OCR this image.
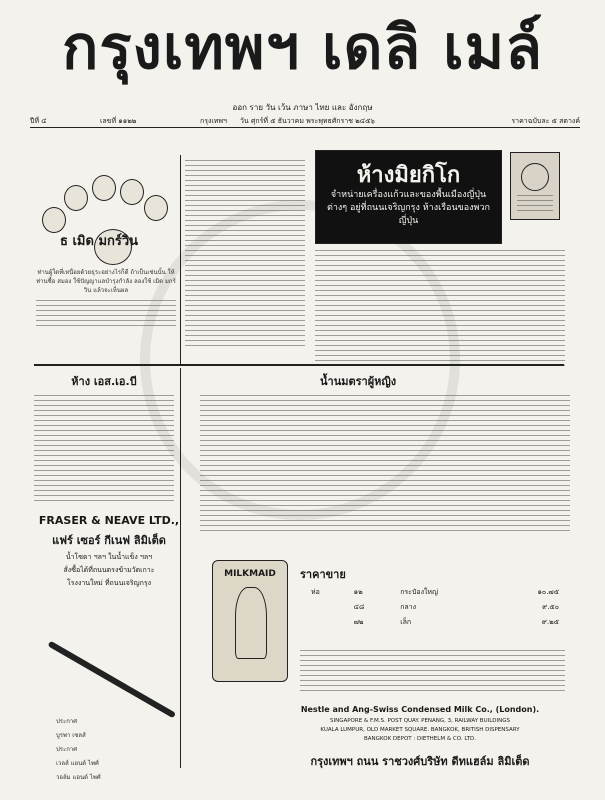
กรุงเทพฯ เดลิ เมล์
ออก ราย วัน เว้น ภาษา ไทย และ อังกฤษ
ปีที่ ๔	เลขที่ ๑๑๒๒	กรุงเทพฯ วัน ศุกร์ที่ ๕ ธันวาคม พระพุทธศักราช ๒๔๕๖	ราคาฉบับละ ๕ สตางค์
ธ เมิด มกร์วิน
ท่านผู้ใดที่เหนื่อยด้วยธุระอย่างไรก็ดี ถ้าเป็นเช่นนั้น ให้ท่านซื้อ สมอง ใช้ปัญญาแลบำรุงกำลัง ลองใช้ เมิด มกร์วิน แล้วจะเห็นผล
ห้างมิยกิโก
จำหน่ายเครื่องแก้วและของพื้นเมืองญี่ปุ่นต่างๆ อยู่ที่ถนนเจริญกรุง ห้างเรือนของพวกญี่ปุ่น
ห้าง เอส.เอ.บี
FRASER & NEAVE LTD.,
แฟร์ เซอร์ กีเนฟ ลิมิเต็ด
น้ำโซดา ฯลฯ ในน้ำแข็ง ฯลฯ
สั่งซื้อได้ที่ถนนตรงข้ามวัดเกาะ
โรงงานใหม่ ที่ถนนเจริญกรุง
ประกาศ
บูรพา เซลส์
ประกาศ
เวลส์ แอนด์ ไพศ์
วอล์ม แอนด์ ไพศ์
น้ำนมตราผู้หญิง
MILKMAID	ราคาขาย
ห่อ	๑๒	กระป๋องใหญ่	๑๐.๗๕
	๔๘	กลาง	๙.๕๐
	๗๒	เล็ก	๙.๒๕
Nestle and Ang-Swiss Condensed Milk Co., (London).
SINGAPORE & F.M.S. POST QUAY. PENANG, 3, RAILWAY BUILDINGS
KUALA LUMPUR, OLD MARKET SQUARE. BANGKOK, BRITISH DISPENSARY
BANGKOK DEPOT : DIETHELM & CO. LTD.
กรุงเทพฯ ถนน ราชวงศ์บริษัท ดีทแฮล์ม ลิมิเต็ด
